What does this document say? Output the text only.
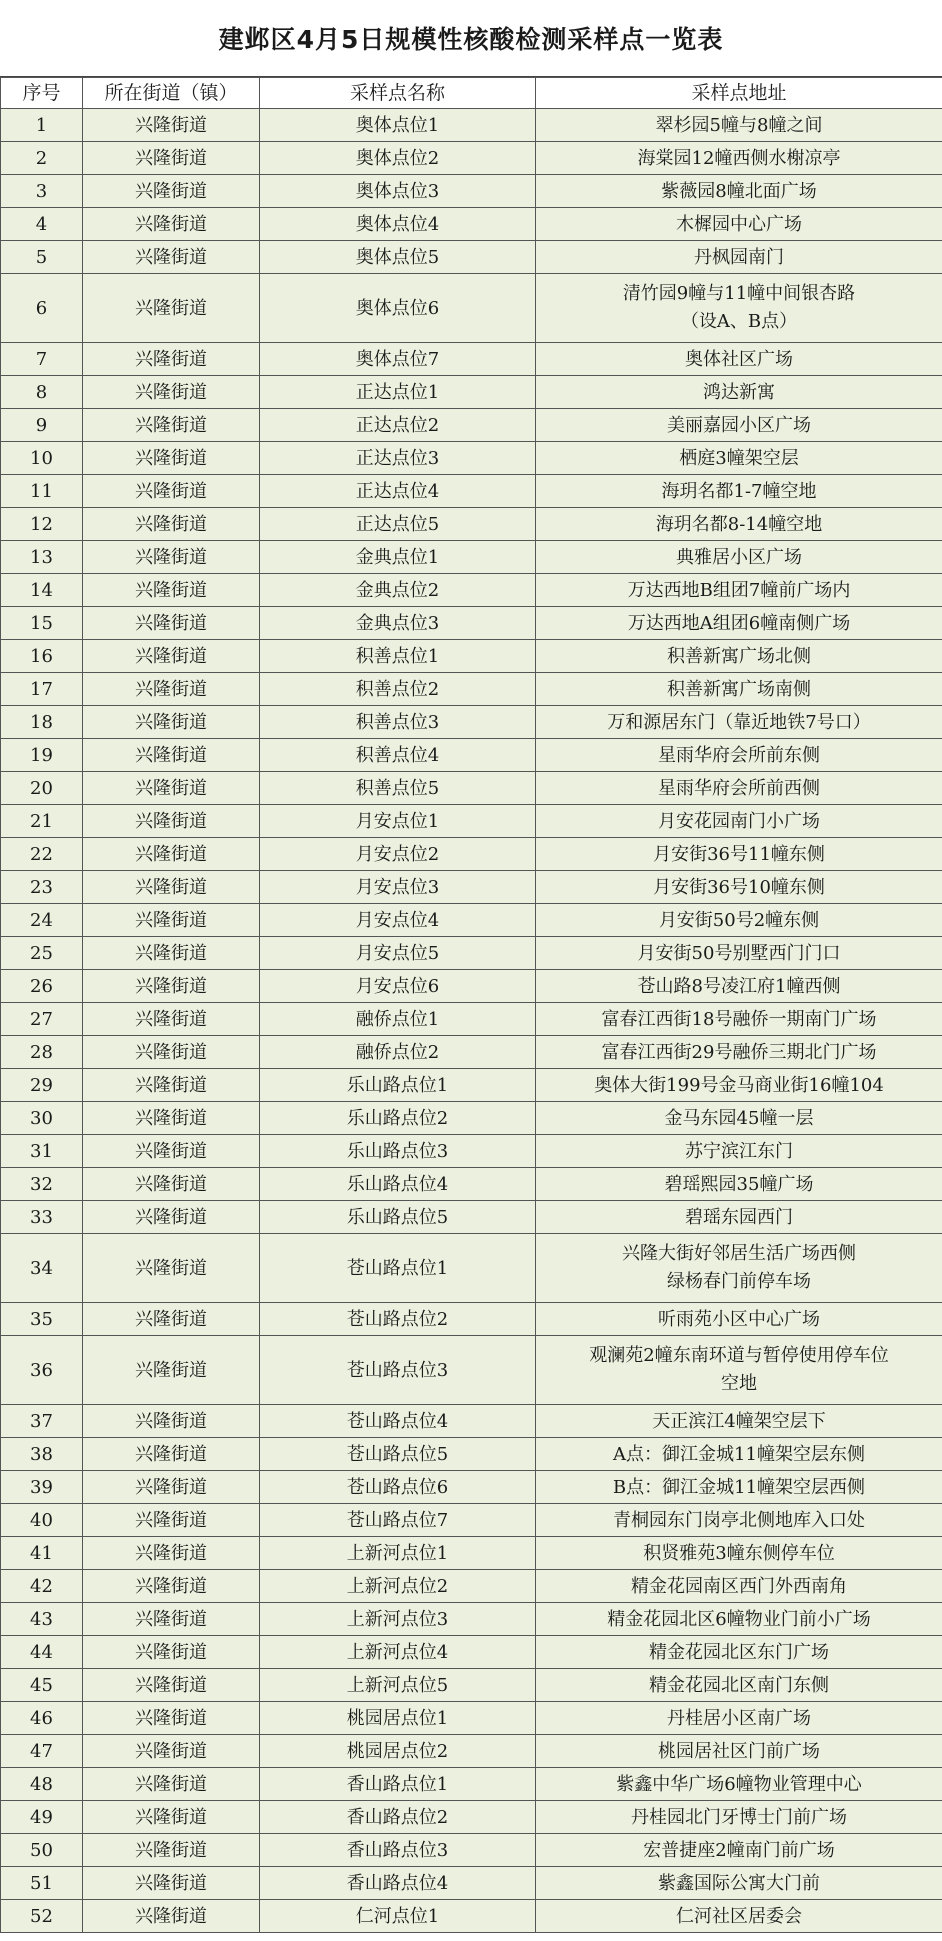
建邺区4月5日规模性核酸检测采样点一览表
序号	所在街道（镇）	采样点名称	采样点地址
1	兴隆街道	奥体点位1	翠杉园5幢与8幢之间
2	兴隆街道	奥体点位2	海棠园12幢西侧水榭凉亭
3	兴隆街道	奥体点位3	紫薇园8幢北面广场
4	兴隆街道	奥体点位4	木樨园中心广场
5	兴隆街道	奥体点位5	丹枫园南门
6	兴隆街道	奥体点位6	清竹园9幢与11幢中间银杏路
（设A、B点）
7	兴隆街道	奥体点位7	奥体社区广场
8	兴隆街道	正达点位1	鸿达新寓
9	兴隆街道	正达点位2	美丽嘉园小区广场
10	兴隆街道	正达点位3	栖庭3幢架空层
11	兴隆街道	正达点位4	海玥名都1-7幢空地
12	兴隆街道	正达点位5	海玥名都8-14幢空地
13	兴隆街道	金典点位1	典雅居小区广场
14	兴隆街道	金典点位2	万达西地B组团7幢前广场内
15	兴隆街道	金典点位3	万达西地A组团6幢南侧广场
16	兴隆街道	积善点位1	积善新寓广场北侧
17	兴隆街道	积善点位2	积善新寓广场南侧
18	兴隆街道	积善点位3	万和源居东门（靠近地铁7号口）
19	兴隆街道	积善点位4	星雨华府会所前东侧
20	兴隆街道	积善点位5	星雨华府会所前西侧
21	兴隆街道	月安点位1	月安花园南门小广场
22	兴隆街道	月安点位2	月安街36号11幢东侧
23	兴隆街道	月安点位3	月安街36号10幢东侧
24	兴隆街道	月安点位4	月安街50号2幢东侧
25	兴隆街道	月安点位5	月安街50号别墅西门门口
26	兴隆街道	月安点位6	苍山路8号凌江府1幢西侧
27	兴隆街道	融侨点位1	富春江西街18号融侨一期南门广场
28	兴隆街道	融侨点位2	富春江西街29号融侨三期北门广场
29	兴隆街道	乐山路点位1	奥体大街199号金马商业街16幢104
30	兴隆街道	乐山路点位2	金马东园45幢一层
31	兴隆街道	乐山路点位3	苏宁滨江东门
32	兴隆街道	乐山路点位4	碧瑶熙园35幢广场
33	兴隆街道	乐山路点位5	碧瑶东园西门
34	兴隆街道	苍山路点位1	兴隆大街好邻居生活广场西侧
绿杨春门前停车场
35	兴隆街道	苍山路点位2	听雨苑小区中心广场
36	兴隆街道	苍山路点位3	观澜苑2幢东南环道与暂停使用停车位
空地
37	兴隆街道	苍山路点位4	天正滨江4幢架空层下
38	兴隆街道	苍山路点位5	A点：御江金城11幢架空层东侧
39	兴隆街道	苍山路点位6	B点：御江金城11幢架空层西侧
40	兴隆街道	苍山路点位7	青桐园东门岗亭北侧地库入口处
41	兴隆街道	上新河点位1	积贤雅苑3幢东侧停车位
42	兴隆街道	上新河点位2	精金花园南区西门外西南角
43	兴隆街道	上新河点位3	精金花园北区6幢物业门前小广场
44	兴隆街道	上新河点位4	精金花园北区东门广场
45	兴隆街道	上新河点位5	精金花园北区南门东侧
46	兴隆街道	桃园居点位1	丹桂居小区南广场
47	兴隆街道	桃园居点位2	桃园居社区门前广场
48	兴隆街道	香山路点位1	紫鑫中华广场6幢物业管理中心
49	兴隆街道	香山路点位2	丹桂园北门牙博士门前广场
50	兴隆街道	香山路点位3	宏普捷座2幢南门前广场
51	兴隆街道	香山路点位4	紫鑫国际公寓大门前
52	兴隆街道	仁河点位1	仁河社区居委会
